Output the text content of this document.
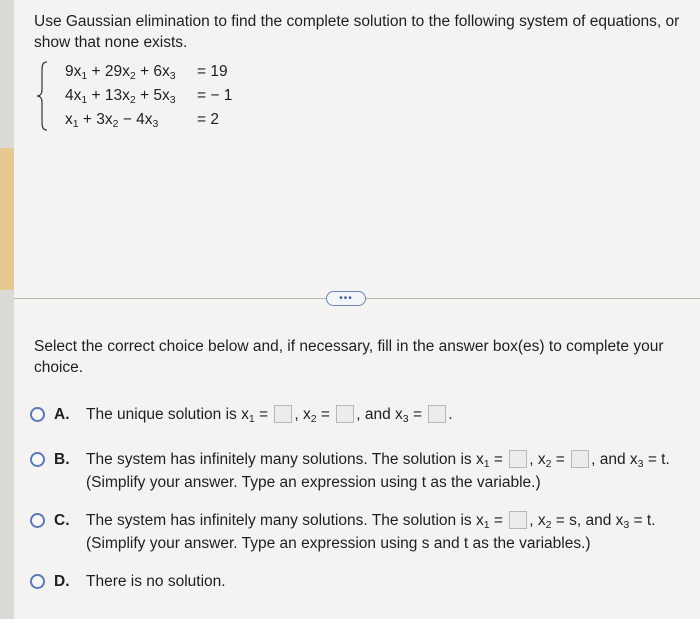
Use Gaussian elimination to find the complete solution to the following system of equations, or show that none exists.
$9x_1 + 29x_2 + 6x_3 = 19$
$4x_1 + 13x_2 + 5x_3$ = − 1
$x_1 + 3x_2 - 4x_3 = 2$
•••
Select the correct choice below and, if necessary, fill in the answer box(es) to complete your choice.
A. The unique solution is $x_1$ = , $x_2$ = , and $x_3$ = .
B. The system has infinitely many solutions. The solution is $x_1$ = , $x_2$ = , and $x_3 = t$.
(Simplify your answer. Type an expression using t as the variable.)
C. The system has infinitely many solutions. The solution is $x_1$ = , $x_2 = s$, and $x_3 = t$.
(Simplify your answer. Type an expression using s and t as the variables.)
D. There is no solution.
